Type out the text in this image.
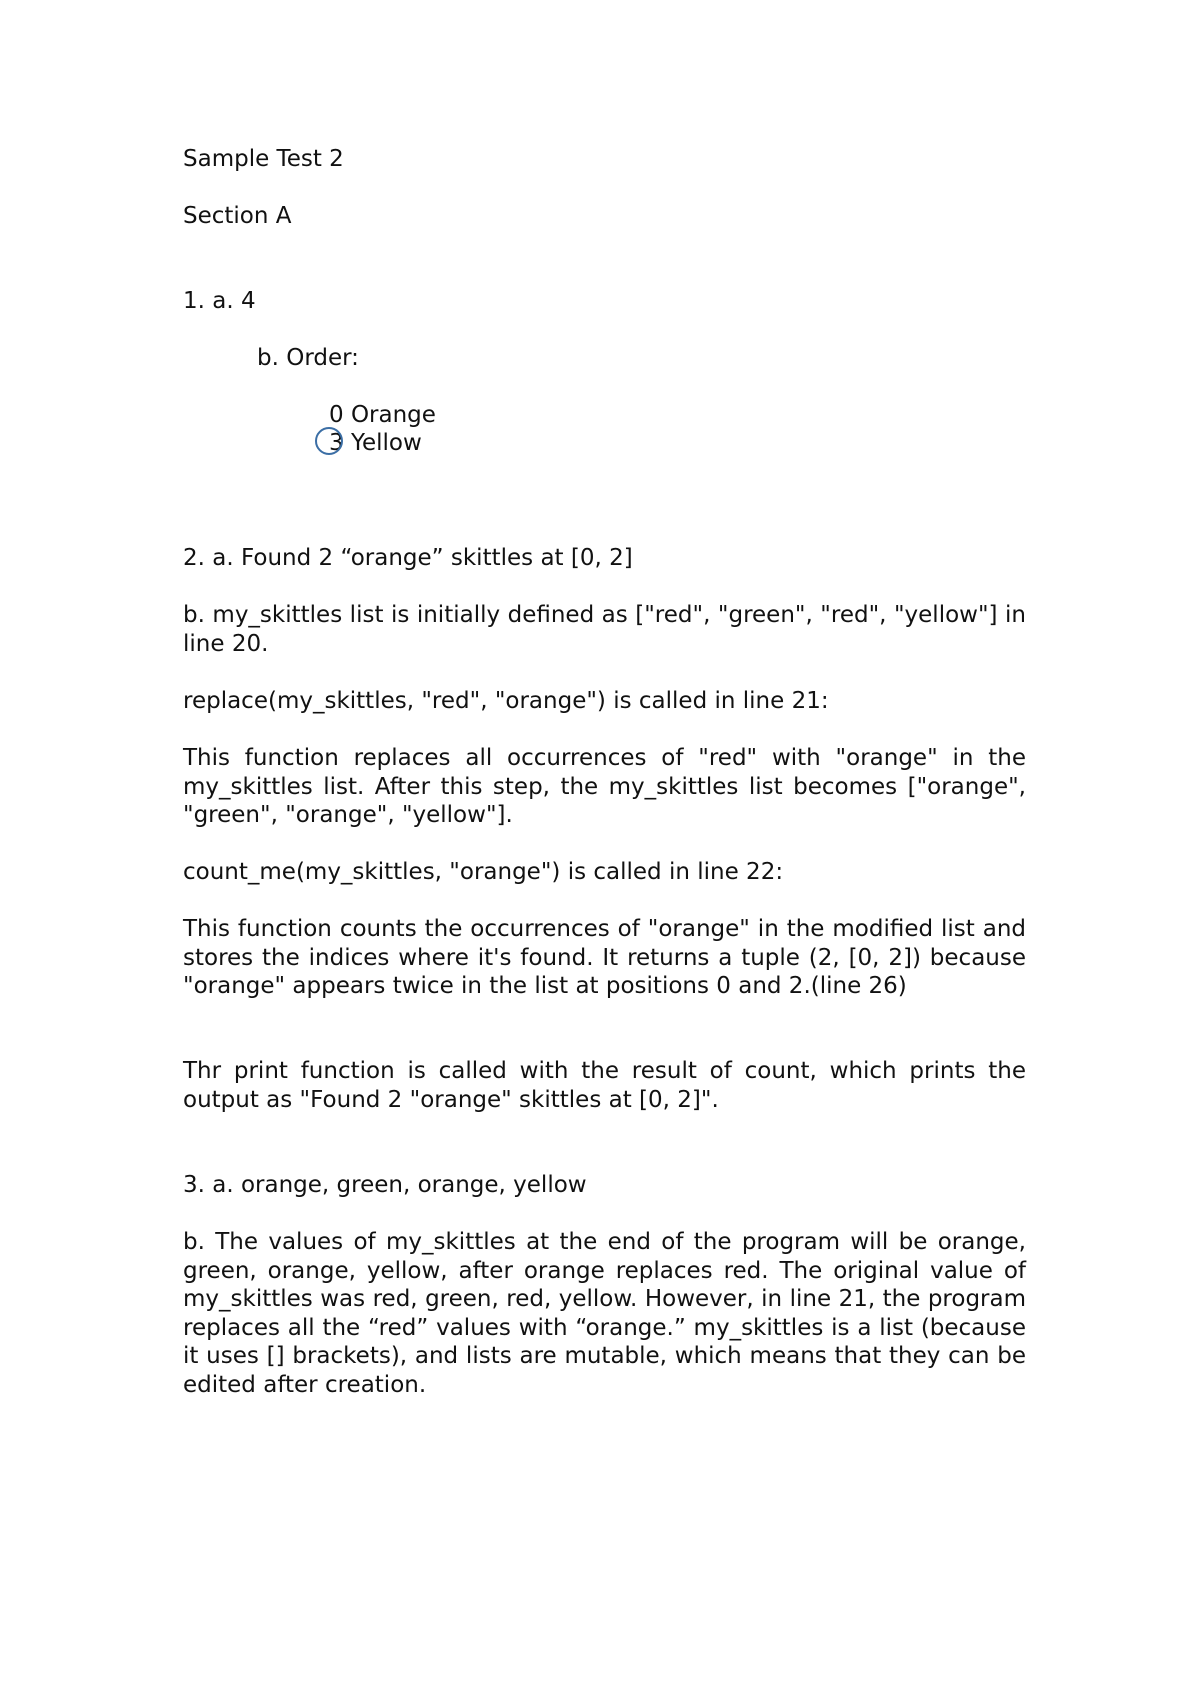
Sample Test 2
Section A
1. a. 4
b. Order:
0 Orange
3 Yellow
2. a. Found 2 “orange” skittles at [0, 2]
b. my_skittles list is initially defined as ["red", "green", "red", "yellow"] in line 20.
replace(my_skittles, "red", "orange") is called in line 21:
This function replaces all occurrences of "red" with "orange" in the my_skittles list. After this step, the my_skittles list becomes ["orange", "green", "orange", "yellow"].
count_me(my_skittles, "orange") is called in line 22:
This function counts the occurrences of "orange" in the modified list and stores the indices where it's found. It returns a tuple (2, [0, 2]) because "orange" appears twice in the list at positions 0 and 2.(line 26)
Thr print function is called with the result of count, which prints the output as "Found 2 "orange" skittles at [0, 2]".
3. a. orange, green, orange, yellow
b. The values of my_skittles at the end of the program will be orange, green, orange, yellow, after orange replaces red. The original value of my_skittles was red, green, red, yellow. However, in line 21, the program replaces all the “red” values with “orange.” my_skittles is a list (because it uses [] brackets), and lists are mutable, which means that they can be edited after creation.
